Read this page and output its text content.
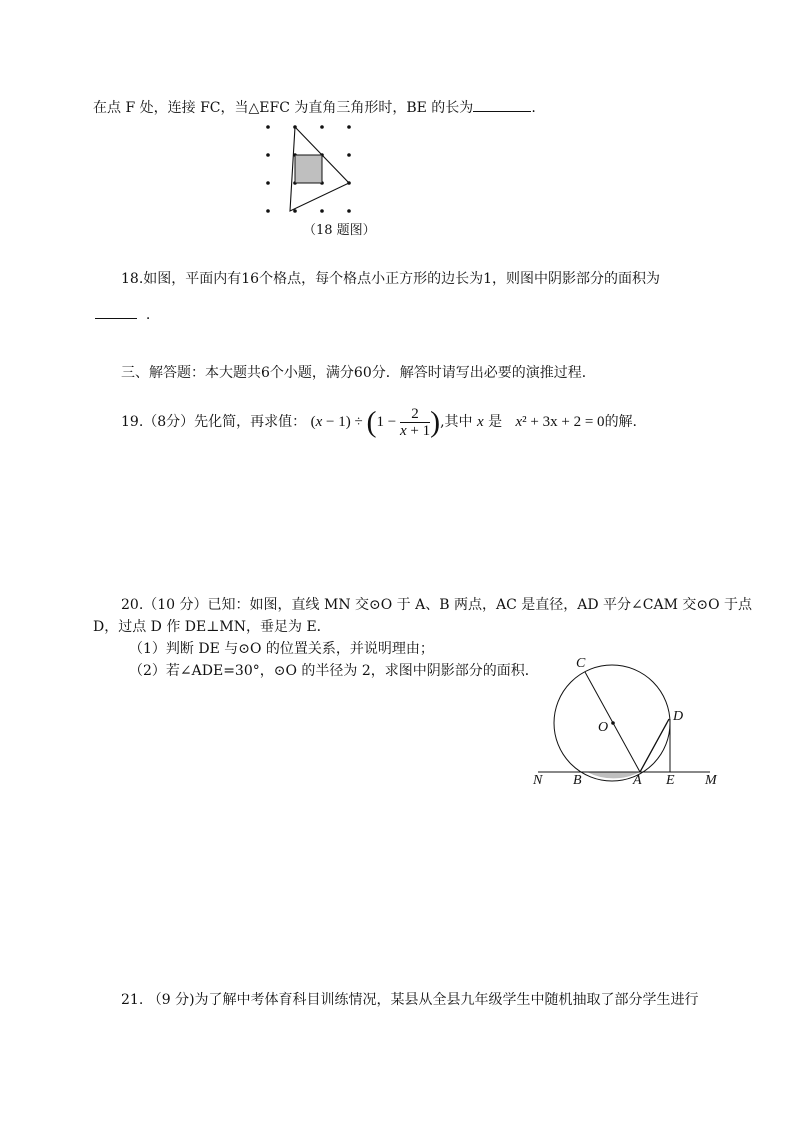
在点 F 处，连接 FC，当△EFC 为直角三角形时，BE 的长为	.
（18 题图）
18.如图，平面内有16个格点，每个格点小正方形的边长为1，则图中阴影部分的面积为
.
三、解答题：本大题共6个小题，满分60分．解答时请写出必要的演推过程．
19.（8分）先化简，再求值： $(x - 1) \div (1 - \frac{2}{x + 1}$ ),其中 x 是 x² + 3x + 2 = 0的解.
20.（10 分）已知：如图，直线 MN 交⊙O 于 A、B 两点，AC 是直径，AD 平分∠CAM 交⊙O 于点
D，过点 D 作 DE⊥MN，垂足为 E．
（1）判断 DE 与⊙O 的位置关系，并说明理由；
（2）若∠ADE=30°，⊙O 的半径为 2，求图中阴影部分的面积．	C
O
D
N B	A E M
21. （9 分)为了解中考体育科目训练情况，某县从全县九年级学生中随机抽取了部分学生进行
